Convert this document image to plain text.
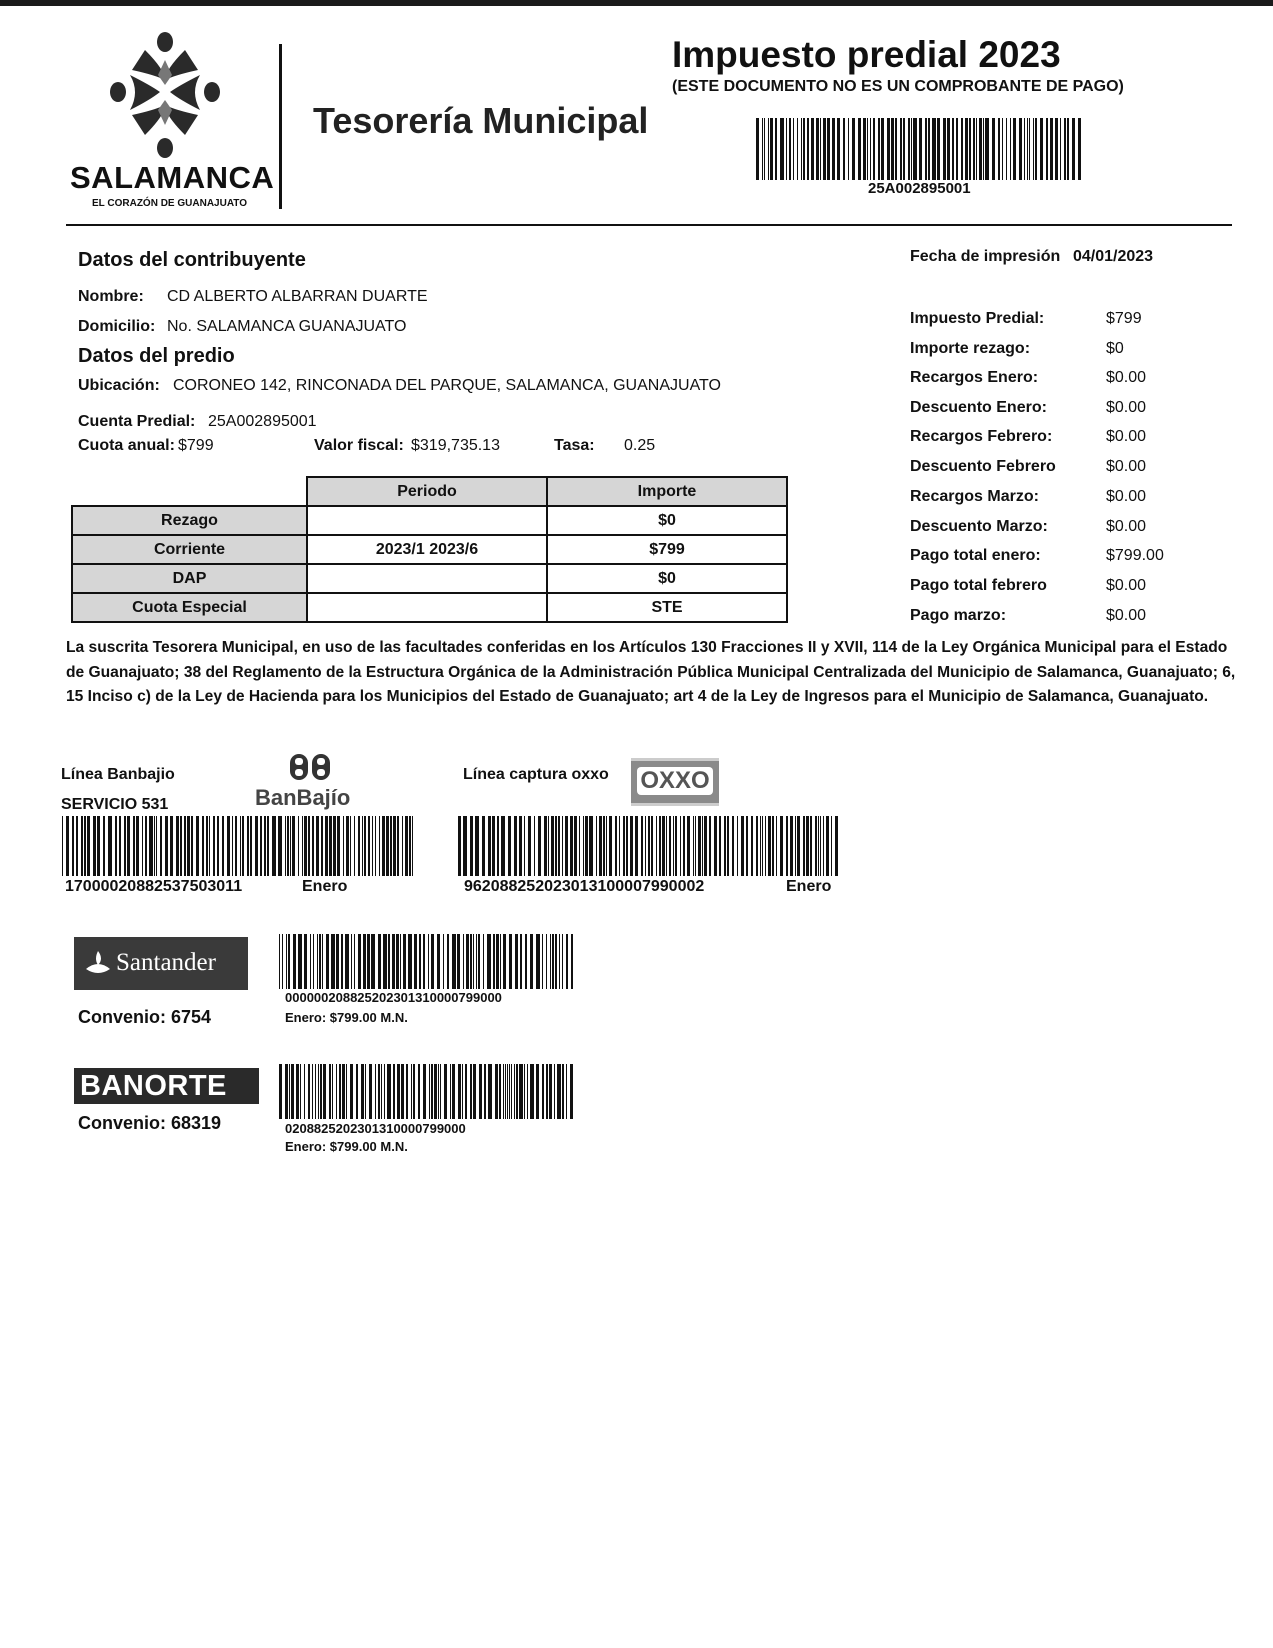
SALAMANCA
EL CORAZÓN DE GUANAJUATO
Tesorería Municipal
Impuesto predial 2023
(ESTE DOCUMENTO NO ES UN COMPROBANTE DE PAGO)
25A002895001
Datos del contribuyente
Nombre: CD ALBERTO ALBARRAN DUARTE
Domicilio: No. SALAMANCA GUANAJUATO
Datos del predio
Ubicación: CORONEO 142, RINCONADA DEL PARQUE, SALAMANCA, GUANAJUATO
Cuenta Predial: 25A002895001
Cuota anual: $799	Valor fiscal: $319,735.13	Tasa: 0.25
	Periodo	Importe
Rezago		$0
Corriente	2023/1 2023/6	$799
DAP		$0
Cuota Especial		STE
Fecha de impresión 04/01/2023
Impuesto Predial:	$799
Importe rezago:	$0
Recargos Enero:	$0.00
Descuento Enero:	$0.00
Recargos Febrero:	$0.00
Descuento Febrero	$0.00
Recargos Marzo:	$0.00
Descuento Marzo:	$0.00
Pago total enero:	$799.00
Pago total febrero	$0.00
Pago marzo:	$0.00
La suscrita Tesorera Municipal, en uso de las facultades conferidas en los Artículos 130 Fracciones II y XVII, 114 de la Ley Orgánica Municipal para el Estado de Guanajuato; 38 del Reglamento de la Estructura Orgánica de la Administración Pública Municipal Centralizada del Municipio de Salamanca, Guanajuato; 6, 15 Inciso c) de la Ley de Hacienda para los Municipios del Estado de Guanajuato; art 4 de la Ley de Ingresos para el Municipio de Salamanca, Guanajuato.
Línea Banbajio
SERVICIO 531	BanBajío
17000020882537503011	Enero
Línea captura oxxo OXXO
962088252023013100007990002	Enero
Santander
Convenio: 6754
000000208825202301310000799000
Enero: $799.00 M.N.
BANORTE
Convenio: 68319	020882520230131000079900​0
Enero: $799.00 M.N.
